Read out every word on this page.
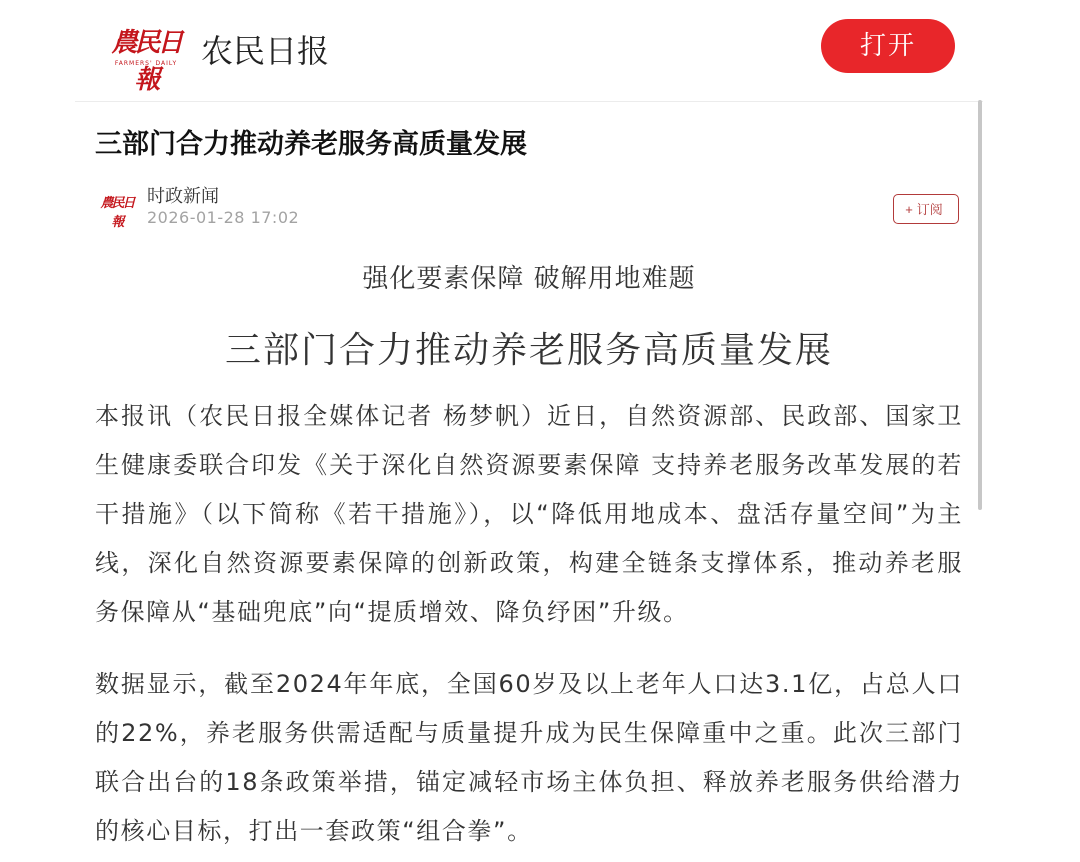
農民日報
FARMERS' DAILY 农民日报	打开
三部门合力推动养老服务高质量发展
農民日報
时政新闻
2026-01-28 17:02	+ 订阅
强化要素保障 破解用地难题
三部门合力推动养老服务高质量发展

本报讯（农民日报全媒体记者 杨梦帆）近日，自然资源部、民政部、国家卫生健康委联合印发《关于深化自然资源要素保障 支持养老服务改革发展的若干措施》（以下简称《若干措施》），以“降低用地成本、盘活存量空间”为主线，深化自然资源要素保障的创新政策，构建全链条支撑体系，推动养老服务保障从“基础兜底”向“提质增效、降负纾困”升级。

数据显示，截至2024年年底，全国60岁及以上老年人口达3.1亿，占总人口的22%，养老服务供需适配与质量提升成为民生保障重中之重。此次三部门联合出台的18条政策举措，锚定减轻市场主体负担、释放养老服务供给潜力的核心目标，打出一套政策“组合拳”。
